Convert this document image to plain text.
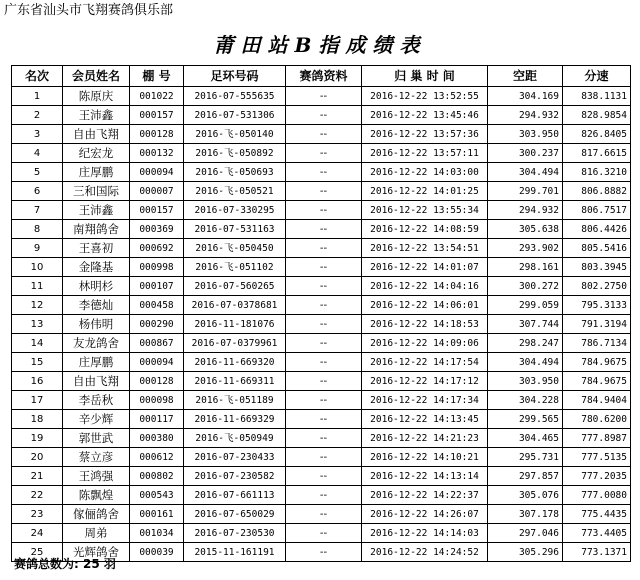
广东省汕头市飞翔赛鸽俱乐部
莆田站B指成绩表
名次	会员姓名	棚 号	足环号码	赛鸽资料	归 巢 时 间	空距	分速
1	陈原庆	001022	2016-07-555635	--	2016-12-22 13:52:55	304.169	838.1131
2	王沛鑫	000157	2016-07-531306	--	2016-12-22 13:45:46	294.932	828.9854
3	自由飞翔	000128	2016-飞-050140	--	2016-12-22 13:57:36	303.950	826.8405
4	纪宏龙	000132	2016-飞-050892	--	2016-12-22 13:57:11	300.237	817.6615
5	庄厚鹏	000094	2016-飞-050693	--	2016-12-22 14:03:00	304.494	816.3210
6	三和国际	000007	2016-飞-050521	--	2016-12-22 14:01:25	299.701	806.8882
7	王沛鑫	000157	2016-07-330295	--	2016-12-22 13:55:34	294.932	806.7517
8	南翔鸽舍	000369	2016-07-531163	--	2016-12-22 14:08:59	305.638	806.4426
9	王喜初	000692	2016-飞-050450	--	2016-12-22 13:54:51	293.902	805.5416
10	金隆基	000998	2016-飞-051102	--	2016-12-22 14:01:07	298.161	803.3945
11	林明杉	000107	2016-07-560265	--	2016-12-22 14:04:16	300.272	802.2750
12	李德灿	000458	2016-07-0378681	--	2016-12-22 14:06:01	299.059	795.3133
13	杨伟明	000290	2016-11-181076	--	2016-12-22 14:18:53	307.744	791.3194
14	友龙鸽舍	000867	2016-07-0379961	--	2016-12-22 14:09:06	298.247	786.7134
15	庄厚鹏	000094	2016-11-669320	--	2016-12-22 14:17:54	304.494	784.9675
16	自由飞翔	000128	2016-11-669311	--	2016-12-22 14:17:12	303.950	784.9675
17	李岳秋	000098	2016-飞-051189	--	2016-12-22 14:17:34	304.228	784.9404
18	辛少辉	000117	2016-11-669329	--	2016-12-22 14:13:45	299.565	780.6200
19	郭世武	000380	2016-飞-050949	--	2016-12-22 14:21:23	304.465	777.8987
20	蔡立彦	000612	2016-07-230433	--	2016-12-22 14:10:21	295.731	777.5135
21	王鸿强	000802	2016-07-230582	--	2016-12-22 14:13:14	297.857	777.2035
22	陈飘煌	000543	2016-07-661113	--	2016-12-22 14:22:37	305.076	777.0080
23	傢俪鸽舍	000161	2016-07-650029	--	2016-12-22 14:26:07	307.178	775.4435
24	周弟	001034	2016-07-230530	--	2016-12-22 14:14:03	297.046	773.4405
25	光辉鸽舍	000039	2015-11-161191	--	2016-12-22 14:24:52	305.296	773.1371
赛鸽总数为: 25 羽
